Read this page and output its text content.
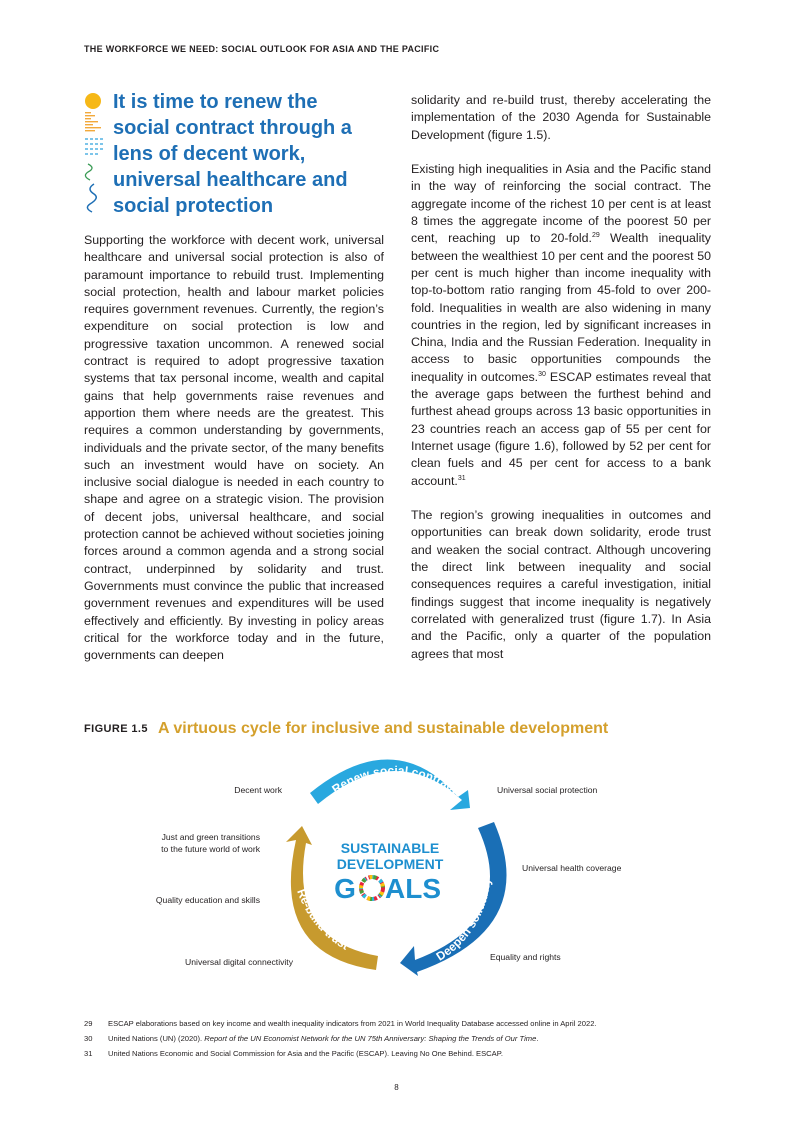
THE WORKFORCE WE NEED: SOCIAL OUTLOOK FOR ASIA AND THE PACIFIC
It is time to renew the social contract through a lens of decent work, universal healthcare and social protection

Supporting the workforce with decent work, universal healthcare and universal social protection is also of paramount importance to rebuild trust. Implementing social protection, health and labour market policies requires government revenues. Currently, the region’s expenditure on social protection is low and progressive taxation uncommon. A renewed social contract is required to adopt progressive taxation systems that tax personal income, wealth and capital gains that help governments raise revenues and apportion them where needs are the greatest. This requires a common understanding by governments, individuals and the private sector, of the many benefits such an investment would have on society. An inclusive social dialogue is needed in each country to shape and agree on a strategic vision. The provision of decent jobs, universal healthcare, and social protection cannot be achieved without societies joining forces around a common agenda and a strong social contract, underpinned by solidarity and trust. Governments must convince the public that increased government revenues and expenditures will be used effectively and efficiently. By investing in policy areas critical for the workforce today and in the future, governments can deepen

solidarity and re-build trust, thereby accelerating the implementation of the 2030 Agenda for Sustainable Development (figure 1.5).

Existing high inequalities in Asia and the Pacific stand in the way of reinforcing the social contract. The aggregate income of the richest 10 per cent is at least 8 times the aggregate income of the poorest 50 per cent, reaching up to 20-fold.$^{29}$ Wealth inequality between the wealthiest 10 per cent and the poorest 50 per cent is much higher than income inequality with top-to-bottom ratio ranging from 45-fold to over 200-fold. Inequalities in wealth are also widening in many countries in the region, led by significant increases in China, India and the Russian Federation. Inequality in access to basic opportunities compounds the inequality in outcomes.$^{30}$ ESCAP estimates reveal that the average gaps between the furthest behind and furthest ahead groups across 13 basic opportunities in 23 countries reach an access gap of 55 per cent for Internet usage (figure 1.6), followed by 52 per cent for clean fuels and 45 per cent for access to a bank account.$^{31}$

The region’s growing inequalities in outcomes and opportunities can break down solidarity, erode trust and weaken the social contract. Although uncovering the direct link between inequality and social consequences requires a careful investigation, initial findings suggest that income inequality is negatively correlated with generalized trust (figure 1.7). In Asia and the Pacific, only a quarter of the population agrees that most

FIGURE 1.5 A virtuous cycle for inclusive and sustainable development
Renew social contract
Deepen solidarity
Re-build trust
SUSTAINABLE
DEVELOPMENT
G ALS
Decent work
Just and green transitions
to the future world of work
Quality education and skills
Universal digital connectivity
Universal social protection
Universal health coverage
Equality and rights
29	ESCAP elaborations based on key income and wealth inequality indicators from 2021 in World Inequality Database accessed online in April 2022.
30	United Nations (UN) (2020). Report of the UN Economist Network for the UN 75th Anniversary: Shaping the Trends of Our Time.
31	United Nations Economic and Social Commission for Asia and the Pacific (ESCAP). Leaving No One Behind. ESCAP.
8
